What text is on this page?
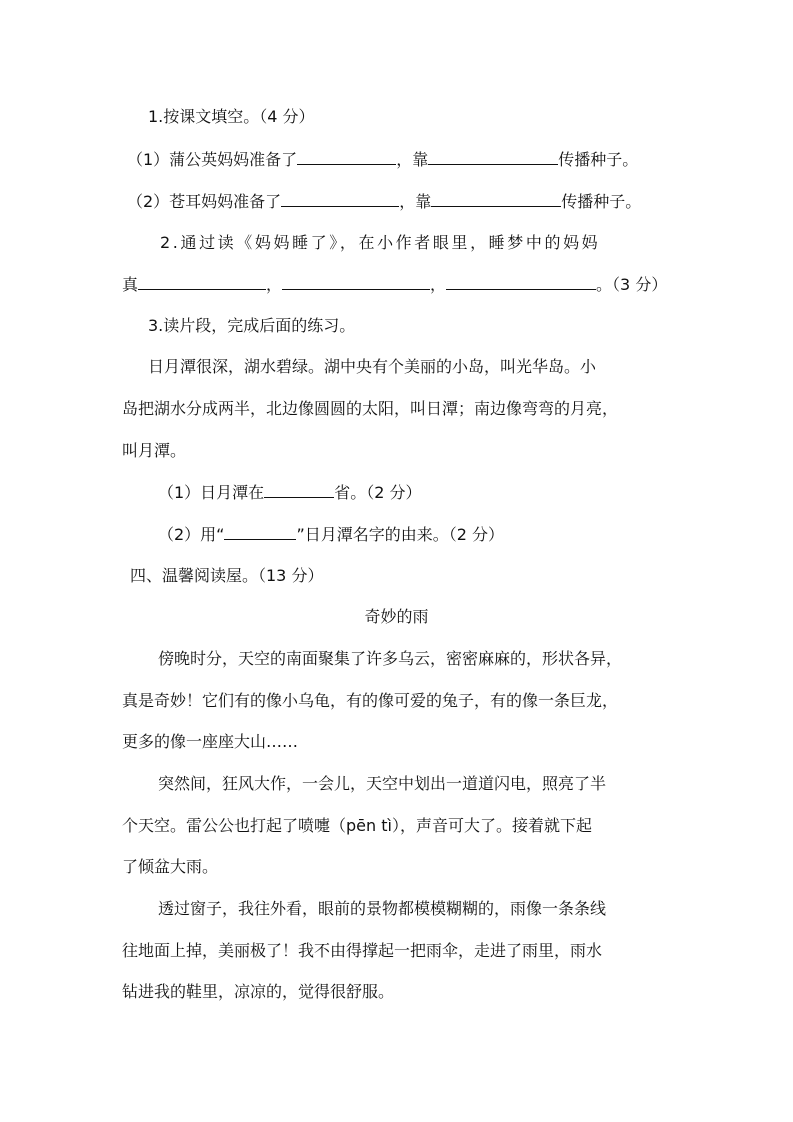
1.按课文填空。（4 分）
（1）蒲公英妈妈准备了	，靠	传播种子。
（2）苍耳妈妈准备了	，靠	传播种子。
2.通过读《妈妈睡了》，在小作者眼里，睡梦中的妈妈
真	，	，	。（3 分）
3.读片段，完成后面的练习。
日月潭很深，湖水碧绿。湖中央有个美丽的小岛，叫光华岛。小
岛把湖水分成两半，北边像圆圆的太阳，叫日潭；南边像弯弯的月亮，
叫月潭。
（1）日月潭在	省。（2 分）
（2）用“	”日月潭名字的由来。（2 分）
四、温馨阅读屋。（13 分）
奇妙的雨
傍晚时分，天空的南面聚集了许多乌云，密密麻麻的，形状各异，
真是奇妙！它们有的像小乌龟，有的像可爱的兔子，有的像一条巨龙，
更多的像一座座大山……
突然间，狂风大作，一会儿，天空中划出一道道闪电，照亮了半
个天空。雷公公也打起了喷嚏（pēn tì），声音可大了。接着就下起
了倾盆大雨。
透过窗子，我往外看，眼前的景物都模模糊糊的，雨像一条条线
往地面上掉，美丽极了！我不由得撑起一把雨伞，走进了雨里，雨水
钻进我的鞋里，凉凉的，觉得很舒服。
